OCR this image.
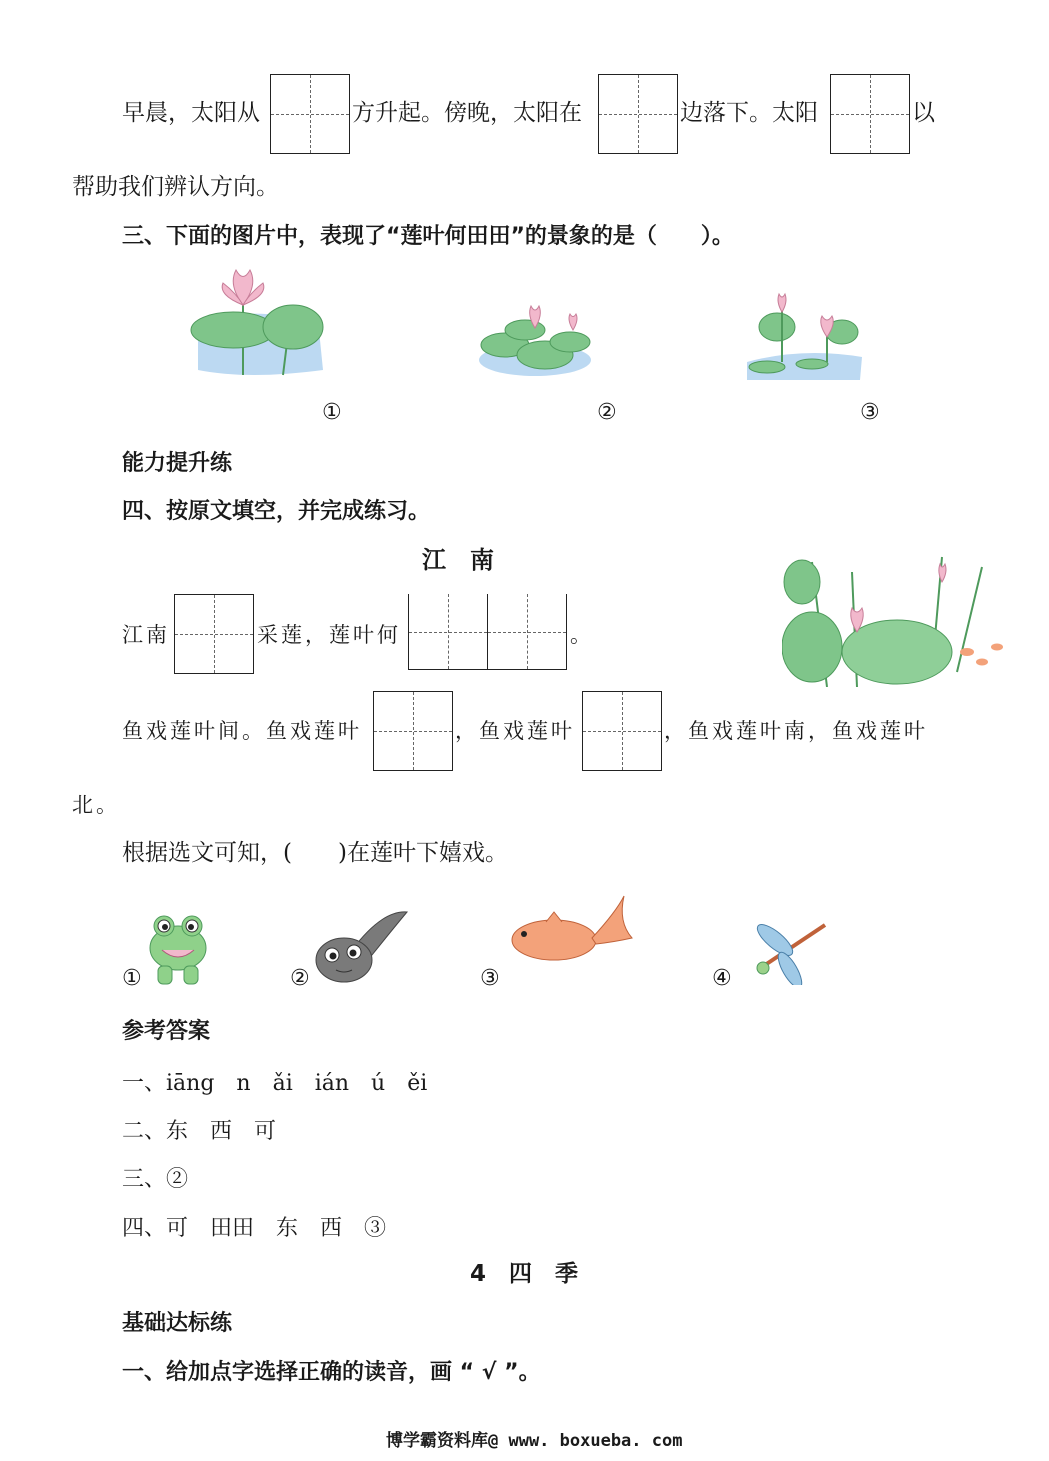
早晨，太阳从	方升起。傍晚，太阳在	边落下。太阳	以
帮助我们辨认方向。
三、下面的图片中，表现了“莲叶何田田”的景象的是（　　）。
①	②	③
能力提升练
四、按原文填空，并完成练习。
江　南
江南	采莲，莲叶何	。
鱼戏莲叶间。鱼戏莲叶	，鱼戏莲叶	，鱼戏莲叶南，鱼戏莲叶
北。
根据选文可知，(　　)在莲叶下嬉戏。
①	②	③	④
参考答案
一、iāng　n　ǎi　ián　ú　ěi
二、东　西　可
三、②
四、可　田田　东　西　③
4　四　季
基础达标练
一、给加点字选择正确的读音，画 “ √ ”。
博学霸资料库@ www. boxueba. com
